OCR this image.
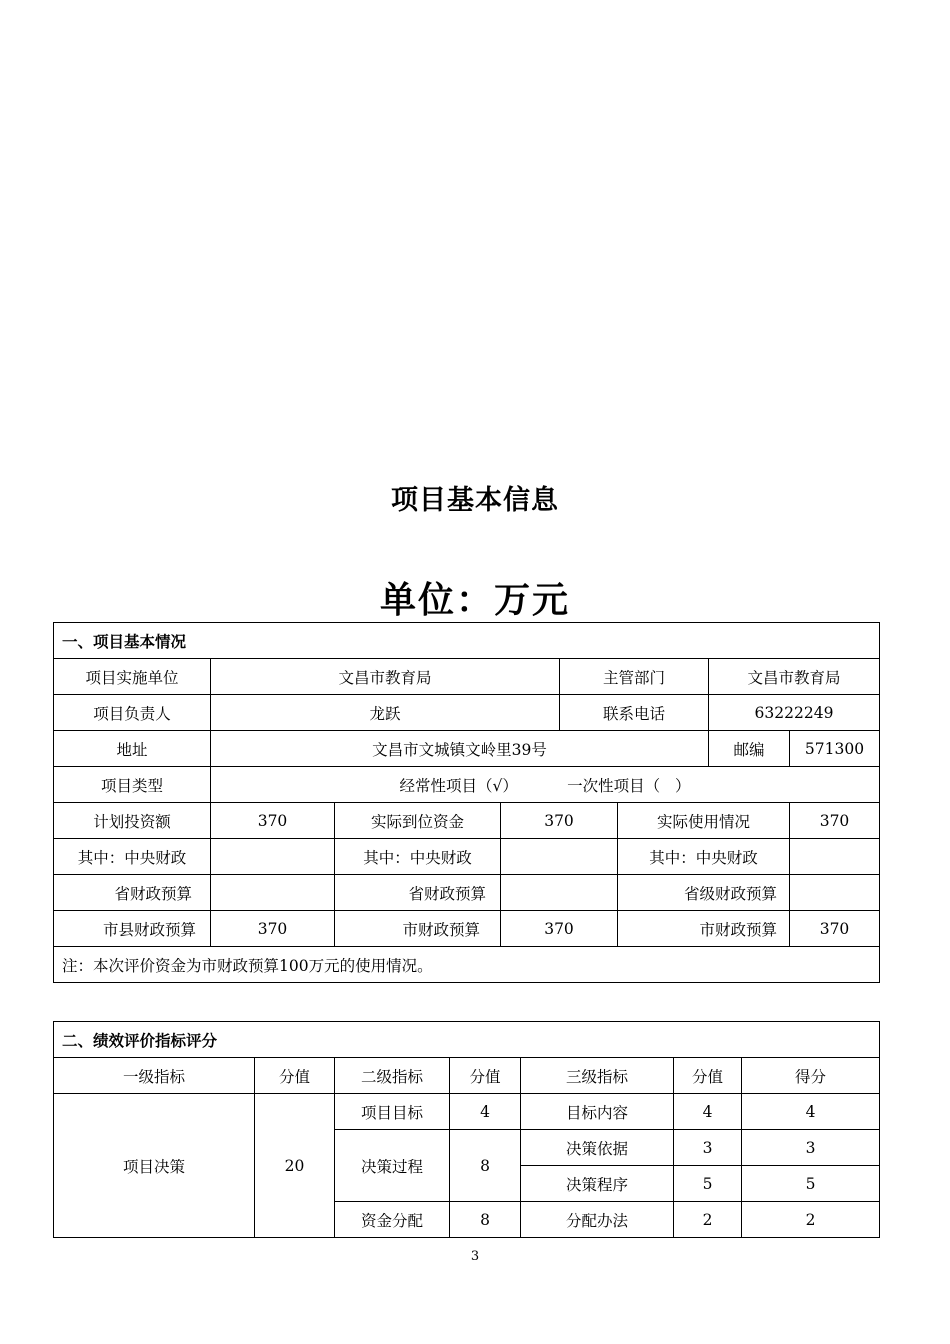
项目基本信息
单位：万元
一、项目基本情况							
项目实施单位	文昌市教育局			主管部门		文昌市教育局	
项目负责人	龙跃			联系电话		63222249	
地址	文昌市文城镇文岭里39号					邮编	571300
项目类型	经常性项目（√）          一次性项目（   ）						
计划投资额	370	实际到位资金	370		实际使用情况		370
其中：中央财政		其中：中央财政			其中：中央财政		
省财政预算		省财政预算			省级财政预算		
市县财政预算	370	市财政预算	370		市财政预算		370
注：本次评价资金为市财政预算100万元的使用情况。							
二、绩效评价指标评分						
一级指标	分值	二级指标	分值	三级指标	分值	得分
项目决策	20	项目目标	4	目标内容	4	4
		决策过程	8	决策依据	3	3
				决策程序	5	5
		资金分配	8	分配办法	2	2
3
